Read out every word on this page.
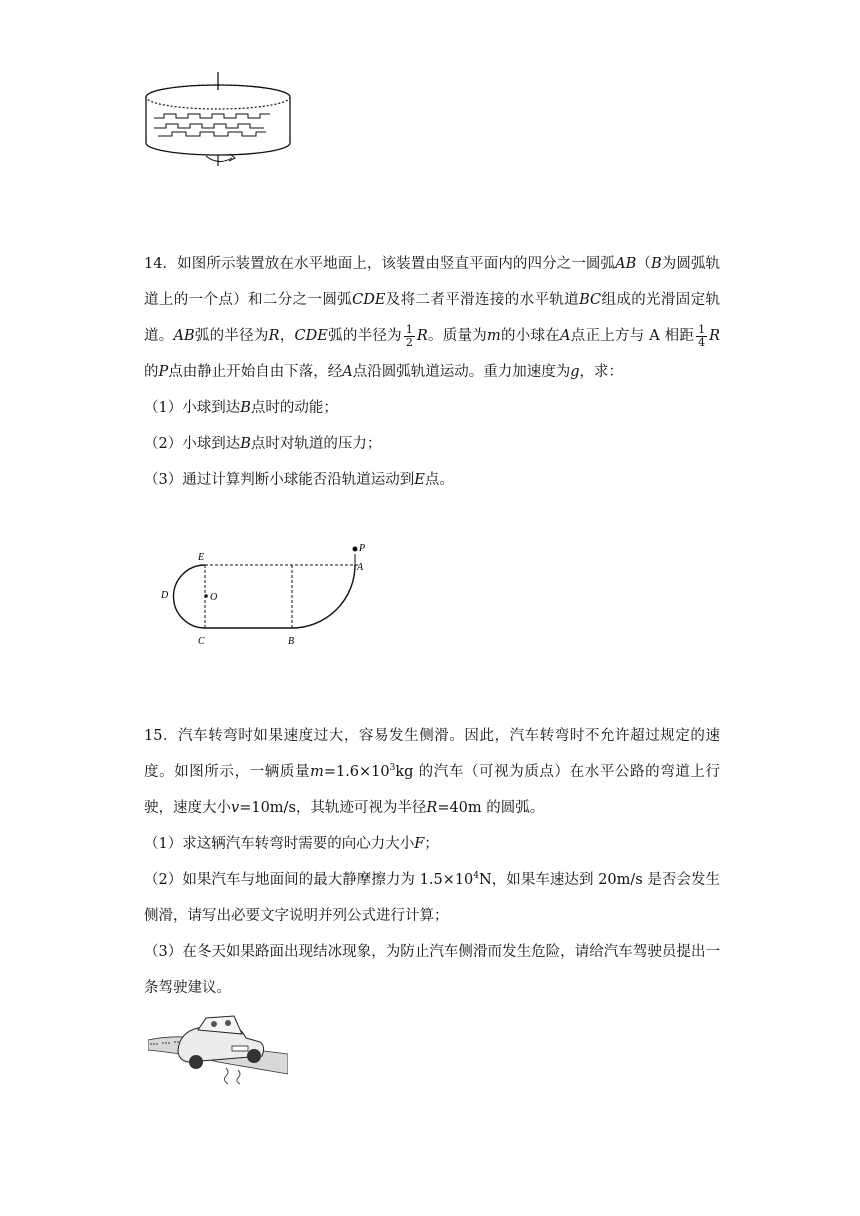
14．如图所示装置放在水平地面上，该装置由竖直平面内的四分之一圆弧AB（B为圆弧轨道上的一个点）和二分之一圆弧CDE及将二者平滑连接的水平轨道BC组成的光滑固定轨道。AB弧的半径为R，CDE弧的半径为 $\frac{1}{2}$ R。质量为m的小球在A点正上方与 A 相距 $\frac{1}{4}$ R的P点由静止开始自由下落，经A点沿圆弧轨道运动。重力加速度为g，求：

（1）小球到达B点时的动能；

（2）小球到达B点时对轨道的压力；

（3）通过计算判断小球能否沿轨道运动到E点。

E
P
A
D	O
C	B

15．汽车转弯时如果速度过大，容易发生侧滑。因此，汽车转弯时不允许超过规定的速度。如图所示，一辆质量$m=1.6\times 10^3kg$ 的汽车（可视为质点）在水平公路的弯道上行驶，速度大小v=10m/s，其轨迹可视为半径R=40m 的圆弧。

（1）求这辆汽车转弯时需要的向心力大小F；

（2）如果汽车与地面间的最大静摩擦力为 $1.5\times 10^4N$，如果车速达到 20m/s 是否会发生侧滑，请写出必要文字说明并列公式进行计算；

（3）在冬天如果路面出现结冰现象，为防止汽车侧滑而发生危险，请给汽车驾驶员提出一条驾驶建议。
